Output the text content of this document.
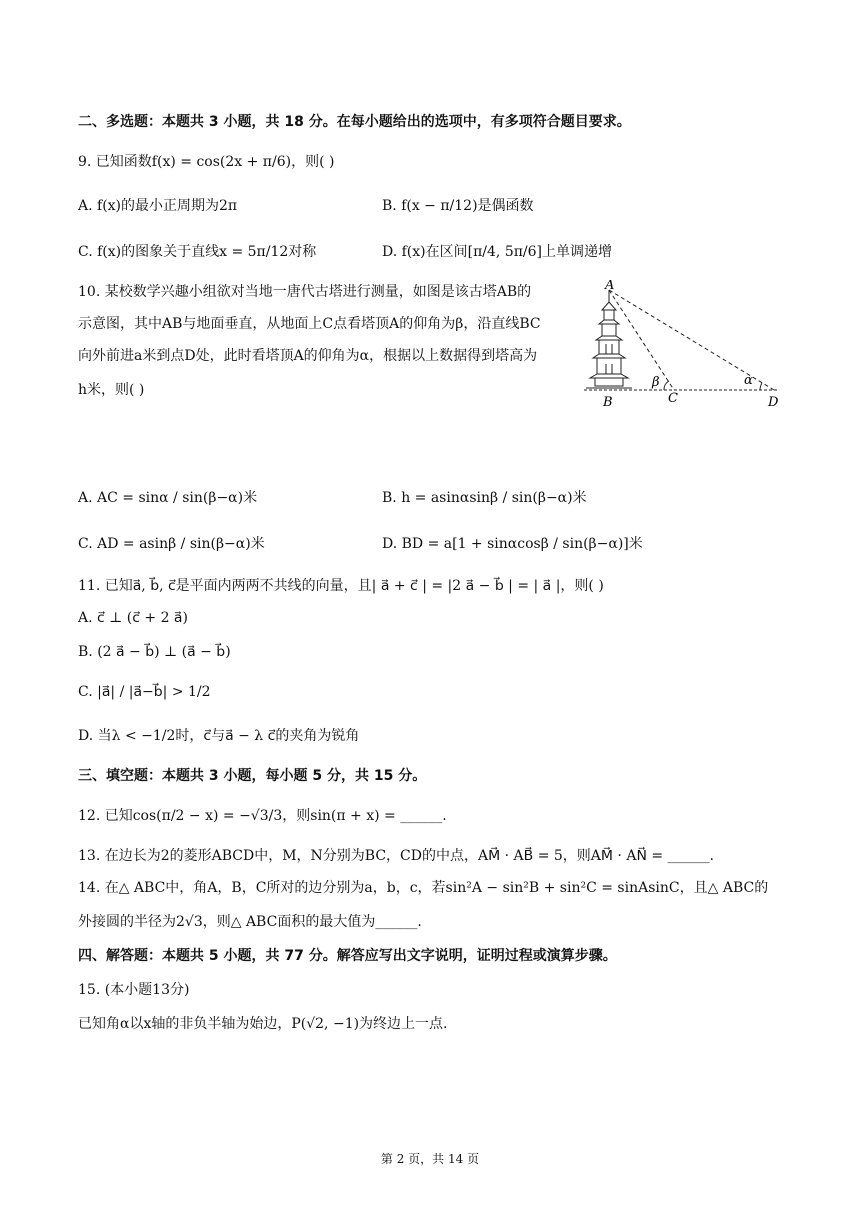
二、多选题：本题共 3 小题，共 18 分。在每小题给出的选项中，有多项符合题目要求。
9. 已知函数f(x) = cos(2x + π/6)，则( )
A. f(x)的最小正周期为2π	B. f(x − π/12)是偶函数
C. f(x)的图象关于直线x = 5π/12对称	D. f(x)在区间[π/4, 5π/6]上单调递增
10. 某校数学兴趣小组欲对当地一唐代古塔进行测量，如图是该古塔AB的
示意图，其中AB与地面垂直，从地面上C点看塔顶A的仰角为β，沿直线BC
向外前进a米到点D处，此时看塔顶A的仰角为α，根据以上数据得到塔高为
h米，则( )
A
B	C	D
β	α
A. AC = sinα / sin(β−α)米	B. h = asinαsinβ / sin(β−α)米
C. AD = asinβ / sin(β−α)米	D. BD = a[1 + sinαcosβ / sin(β−α)]米
11. 已知a⃗, b⃗, c⃗是平面内两两不共线的向量，且| a⃗ + c⃗ | = |2 a⃗ − b⃗ | = | a⃗ |，则( )
A. c⃗ ⊥ (c⃗ + 2 a⃗)
B. (2 a⃗ − b⃗) ⊥ (a⃗ − b⃗)
C. |a⃗| / |a⃗−b⃗| > 1/2
D. 当λ < −1/2时，c⃗与a⃗ − λ c⃗的夹角为锐角
三、填空题：本题共 3 小题，每小题 5 分，共 15 分。
12. 已知cos(π/2 − x) = −√3/3，则sin(π + x) = ______.
13. 在边长为2的菱形ABCD中，M，N分别为BC，CD的中点，AM⃗ · AB⃗ = 5，则AM⃗ · AN⃗ = ______.
14. 在△ ABC中，角A，B，C所对的边分别为a，b，c，若sin²A − sin²B + sin²C = sinAsinC，且△ ABC的
外接圆的半径为2√3，则△ ABC面积的最大值为______.
四、解答题：本题共 5 小题，共 77 分。解答应写出文字说明，证明过程或演算步骤。
15. (本小题13分)
已知角α以x轴的非负半轴为始边，P(√2, −1)为终边上一点.
第 2 页，共 14 页
